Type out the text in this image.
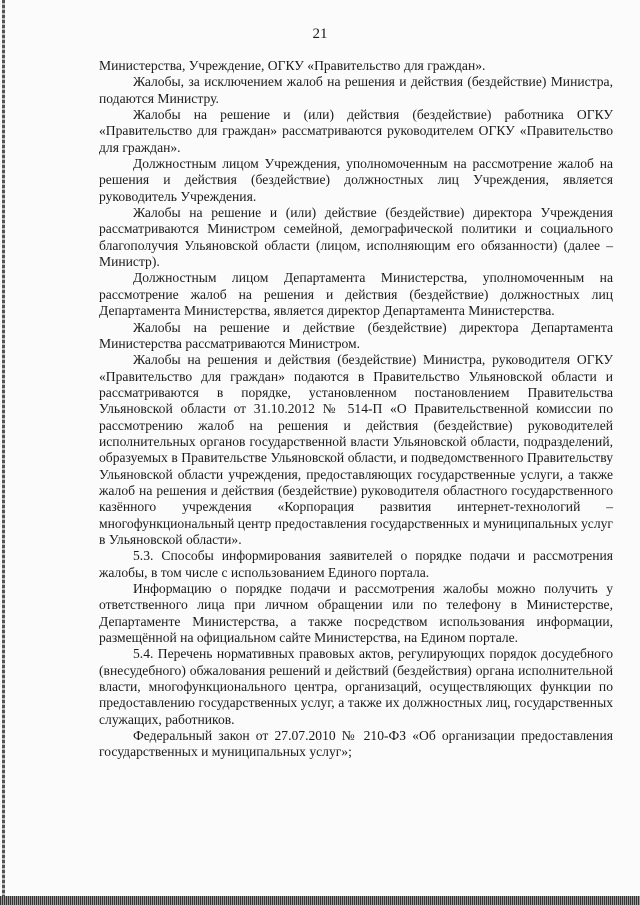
21

Министерства, Учреждение, ОГКУ «Правительство для граждан».

Жалобы, за исключением жалоб на решения и действия (бездействие) Министра, подаются Министру.

Жалобы на решение и (или) действия (бездействие) работника ОГКУ «Правительство для граждан» рассматриваются руководителем ОГКУ «Правительство для граждан».

Должностным лицом Учреждения, уполномоченным на рассмотрение жалоб на решения и действия (бездействие) должностных лиц Учреждения, является руководитель Учреждения.

Жалобы на решение и (или) действие (бездействие) директора Учреждения рассматриваются Министром семейной, демографической политики и социального благополучия Ульяновской области (лицом, исполняющим его обязанности) (далее – Министр).

Должностным лицом Департамента Министерства, уполномоченным на рассмотрение жалоб на решения и действия (бездействие) должностных лиц Департамента Министерства, является директор Департамента Министерства.

Жалобы на решение и действие (бездействие) директора Департамента Министерства рассматриваются Министром.

Жалобы на решения и действия (бездействие) Министра, руководителя ОГКУ «Правительство для граждан» подаются в Правительство Ульяновской области и рассматриваются в порядке, установленном постановлением Правительства Ульяновской области от 31.10.2012 № 514-П «О Правительственной комиссии по рассмотрению жалоб на решения и действия (бездействие) руководителей исполнительных органов государственной власти Ульяновской области, подразделений, образуемых в Правительстве Ульяновской области, и подведомственного Правительству Ульяновской области учреждения, предоставляющих государственные услуги, а также жалоб на решения и действия (бездействие) руководителя областного государственного казённого учреждения «Корпорация развития интернет-технологий – многофункциональный центр предоставления государственных и муниципальных услуг в Ульяновской области».

5.3. Способы информирования заявителей о порядке подачи и рассмотрения жалобы, в том числе с использованием Единого портала.

Информацию о порядке подачи и рассмотрения жалобы можно получить у ответственного лица при личном обращении или по телефону в Министерстве, Департаменте Министерства, а также посредством использования информации, размещённой на официальном сайте Министерства, на Едином портале.

5.4. Перечень нормативных правовых актов, регулирующих порядок досудебного (внесудебного) обжалования решений и действий (бездействия) органа исполнительной власти, многофункционального центра, организаций, осуществляющих функции по предоставлению государственных услуг, а также их должностных лиц, государственных служащих, работников.

Федеральный закон от 27.07.2010 № 210-ФЗ «Об организации предоставления государственных и муниципальных услуг»;
